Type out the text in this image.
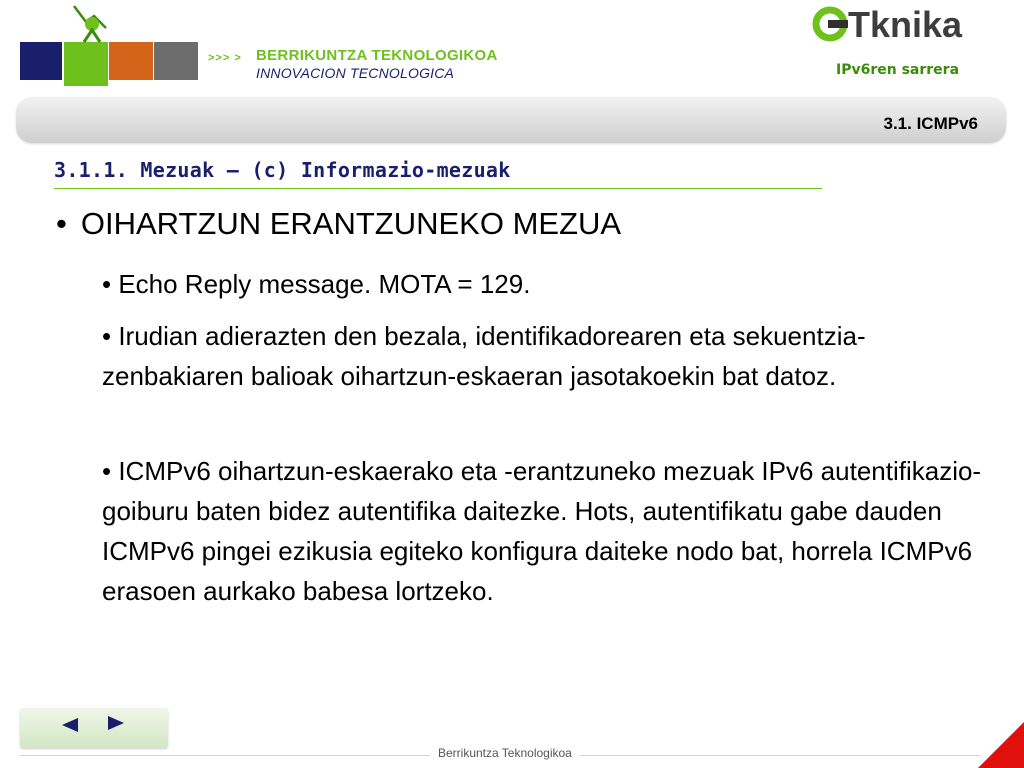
>>> > BERRIKUNTZA TEKNOLOGIKOA
INNOVACION TECNOLOGICA
Tknika
IPv6ren sarrera
3.1. ICMPv6
3.1.1. Mezuak – (c) Informazio-mezuak
• OIHARTZUN ERANTZUNEKO MEZUA
• Echo Reply message. MOTA = 129.
• Irudian adierazten den bezala, identifikadorearen eta sekuentzia-zenbakiaren balioak oihartzun-eskaeran jasotakoekin bat datoz.
• ICMPv6 oihartzun-eskaerako eta -erantzuneko mezuak IPv6 autentifikazio-goiburu baten bidez autentifika daitezke. Hots, autentifikatu gabe dauden ICMPv6 pingei ezikusia egiteko konfigura daiteke nodo bat, horrela ICMPv6 erasoen aurkako babesa lortzeko.
Berrikuntza Teknologikoa
